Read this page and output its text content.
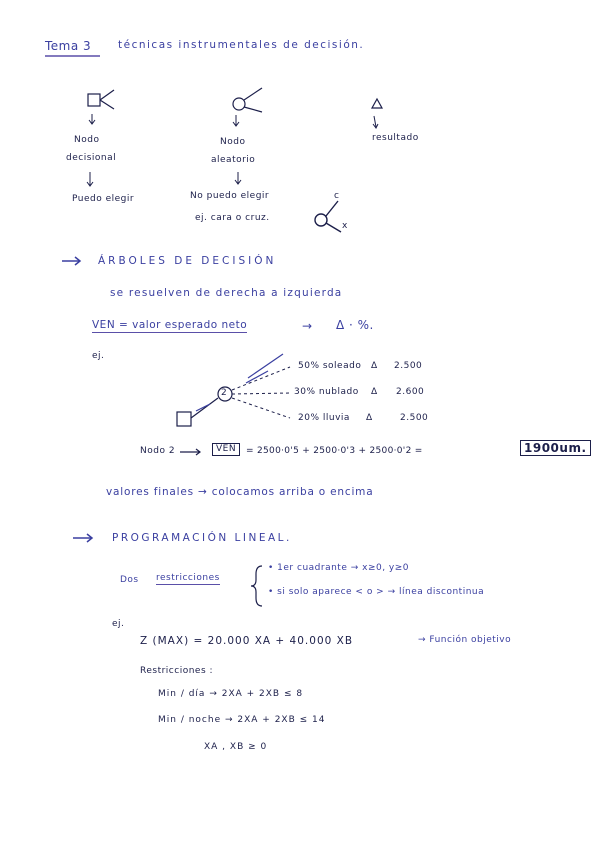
Tema 3	técnicas instrumentales de decisión.
Nodo
decisional
Puedo elegir
Nodo
aleatorio
No puedo elegir
ej. cara o cruz.
resultado
c
x
ÁRBOLES DE DECISIÓN
se resuelven de derecha a izquierda
VEN = valor esperado neto	→ Δ · %.
ej.
2
50% soleado Δ 2.500
30% nublado Δ 2.600
20% lluvia Δ	2.500
Nodo 2	VEN	= 2500·0'5 + 2500·0'3 + 2500·0'2 =	1900um.
valores finales → colocamos arriba o encima
PROGRAMACIÓN LINEAL.
Dos restricciones
• 1er cuadrante → x≥0, y≥0
• si solo aparece < o > → línea discontinua
ej.
Z (MAX) = 20.000 XA + 40.000 XB	→ Función objetivo
Restricciones :
Min / día → 2XA + 2XB ≤ 8
Min / noche → 2XA + 2XB ≤ 14
XA , XB ≥ 0
